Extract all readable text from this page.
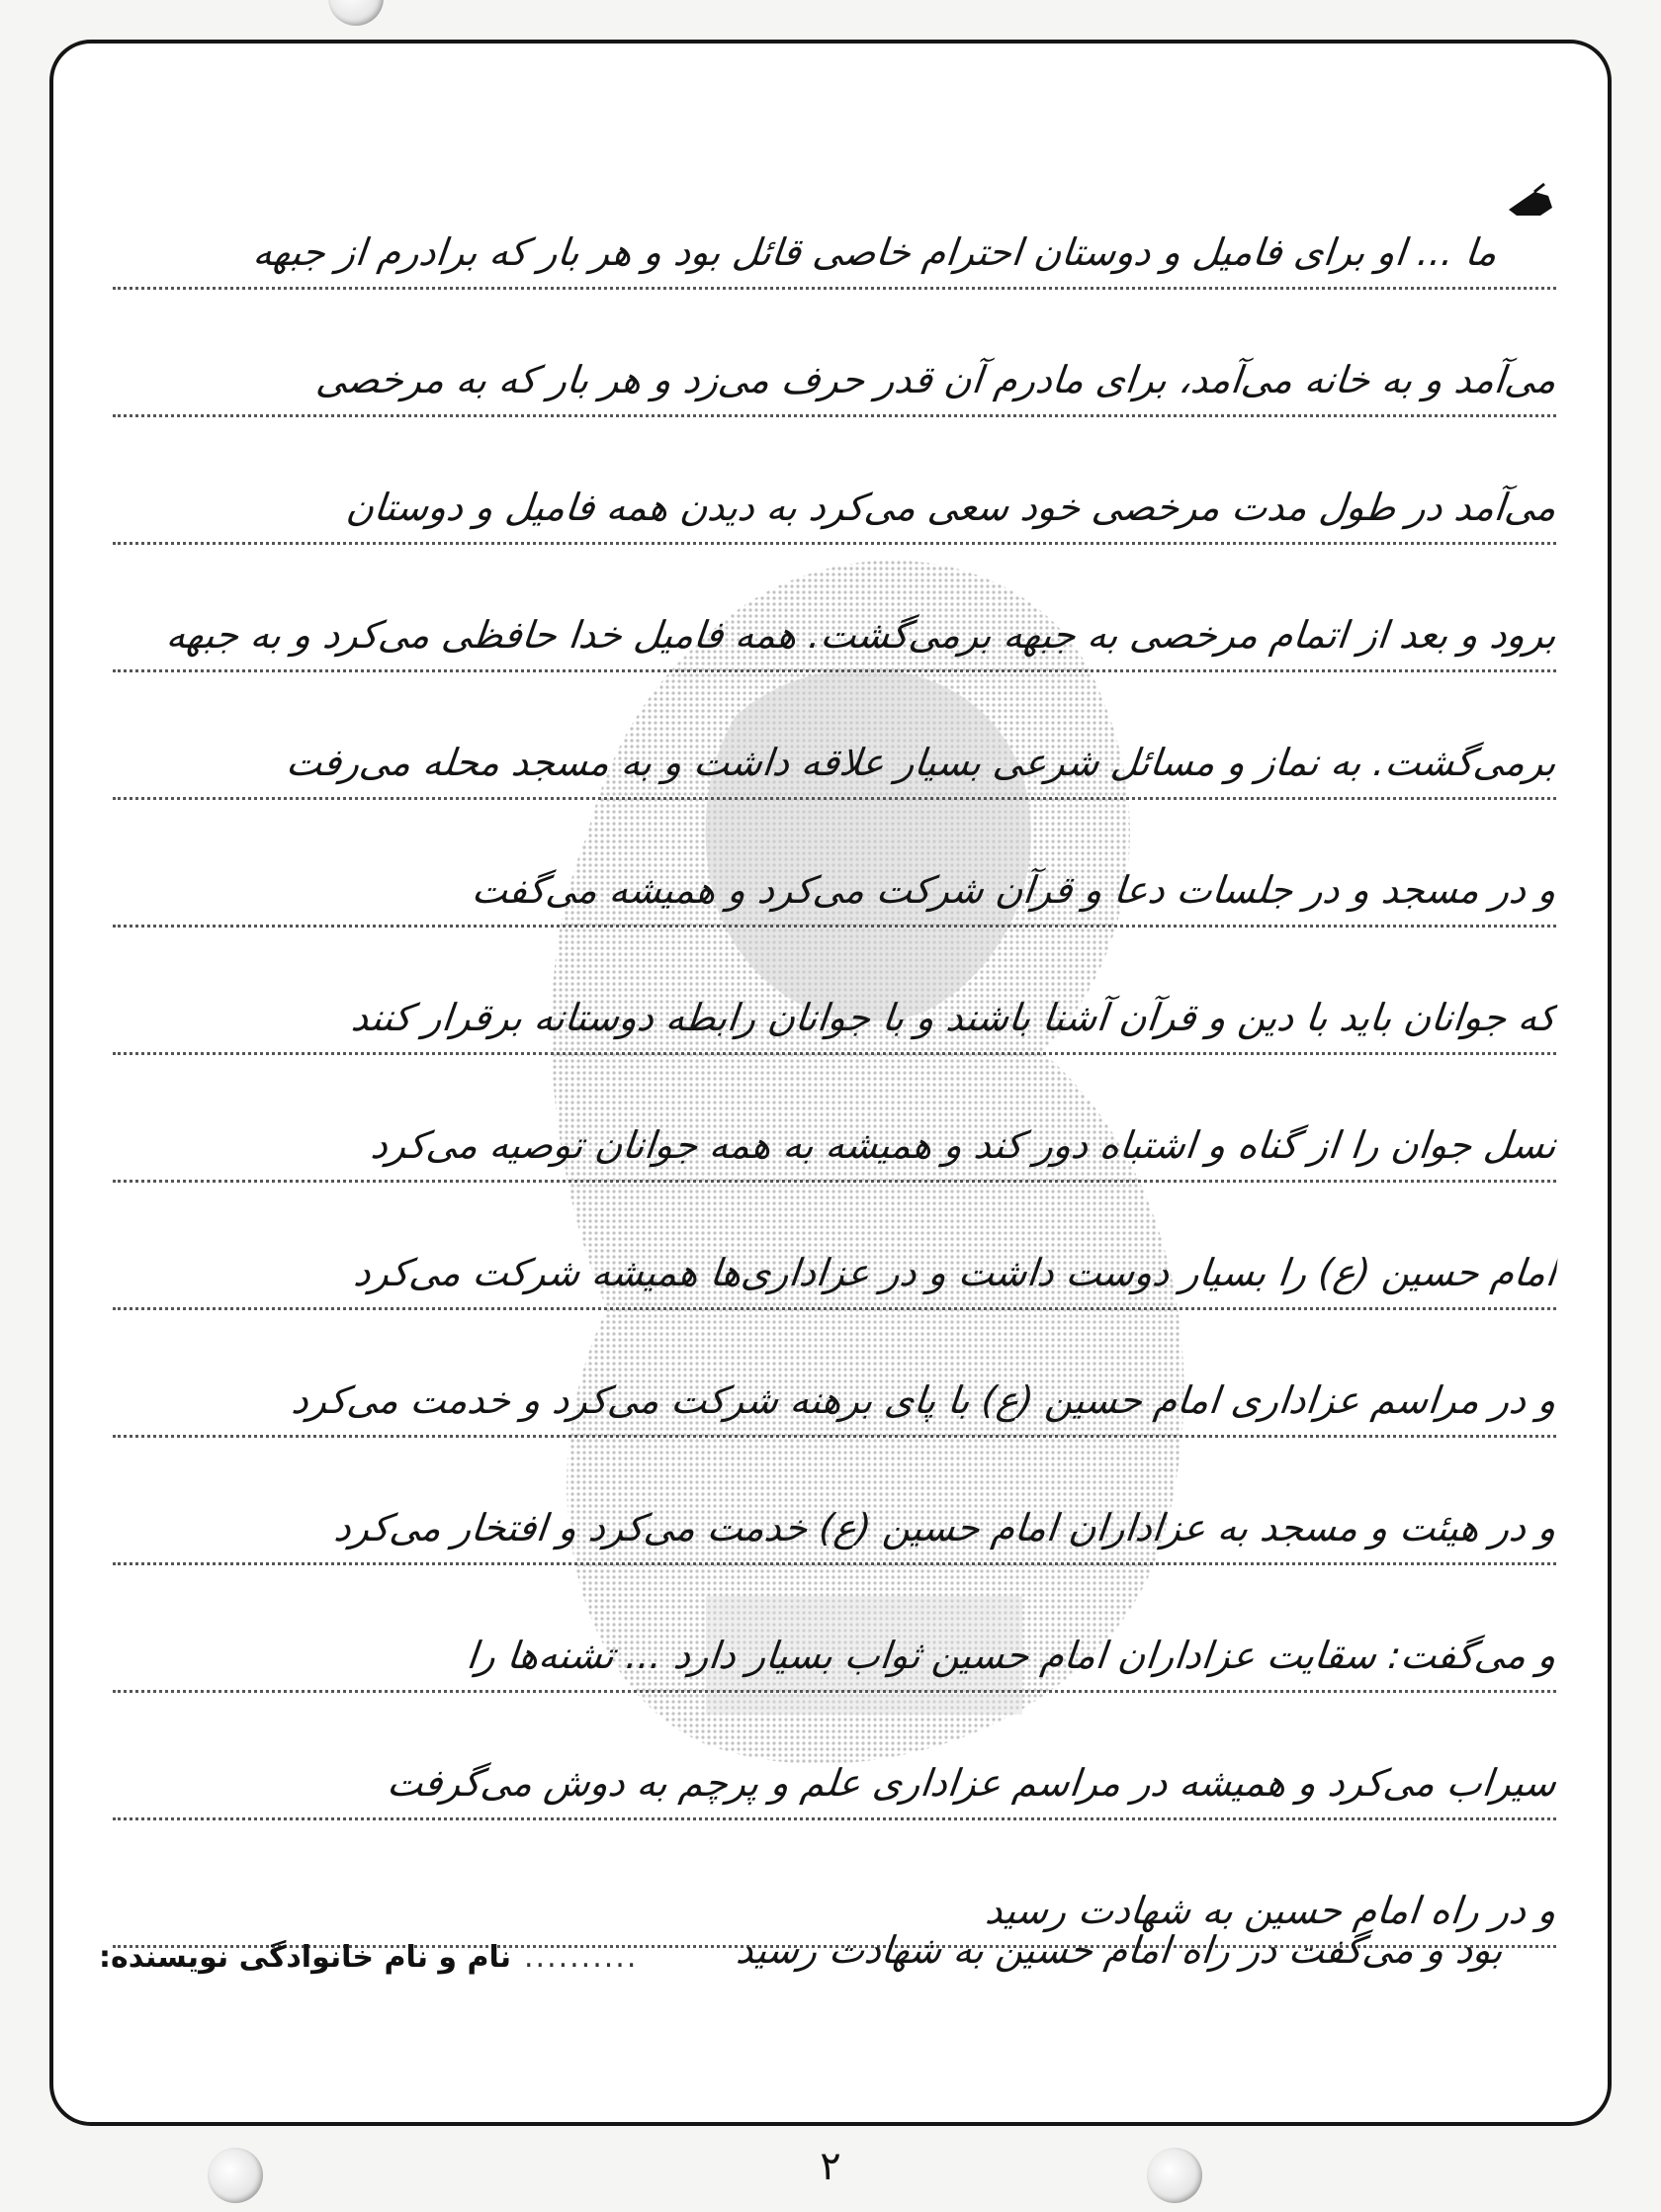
ما ... او برای فامیل و دوستان احترام خاصی قائل بود و هر بار که برادرم از جبهه
می‌آمد و به خانه می‌آمد، برای مادرم آن قدر حرف می‌زد و هر بار که به مرخصی
می‌آمد در طول مدت مرخصی خود سعی می‌کرد به دیدن همه فامیل و دوستان
برود و بعد از اتمام مرخصی به جبهه برمی‌گشت. همه فامیل خدا حافظی می‌کرد و به جبهه
برمی‌گشت. به نماز و مسائل شرعی بسیار علاقه داشت و به مسجد محله می‌رفت
و در مسجد و در جلسات دعا و قرآن شرکت می‌کرد و همیشه می‌گفت
که جوانان باید با دین و قرآن آشنا باشند و با جوانان رابطه دوستانه برقرار کنند
نسل جوان را از گناه و اشتباه دور کند و همیشه به همه جوانان توصیه می‌کرد
امام حسین (ع) را بسیار دوست داشت و در عزاداری‌ها همیشه شرکت می‌کرد
و در مراسم عزاداری امام حسین (ع) با پای برهنه شرکت می‌کرد و خدمت می‌کرد
و در هیئت و مسجد به عزاداران امام حسین (ع) خدمت می‌کرد و افتخار می‌کرد
و می‌گفت: سقایت عزاداران امام حسین ثواب بسیار دارد ... تشنه‌ها را
سیراب می‌کرد و همیشه در مراسم عزاداری علم و پرچم به دوش می‌گرفت
و در راه امام حسین به شهادت رسید
بود و می‌گفت در راه امام حسین به شهادت رسید
..........
نام و نام خانوادگی نویسنده:
٢
